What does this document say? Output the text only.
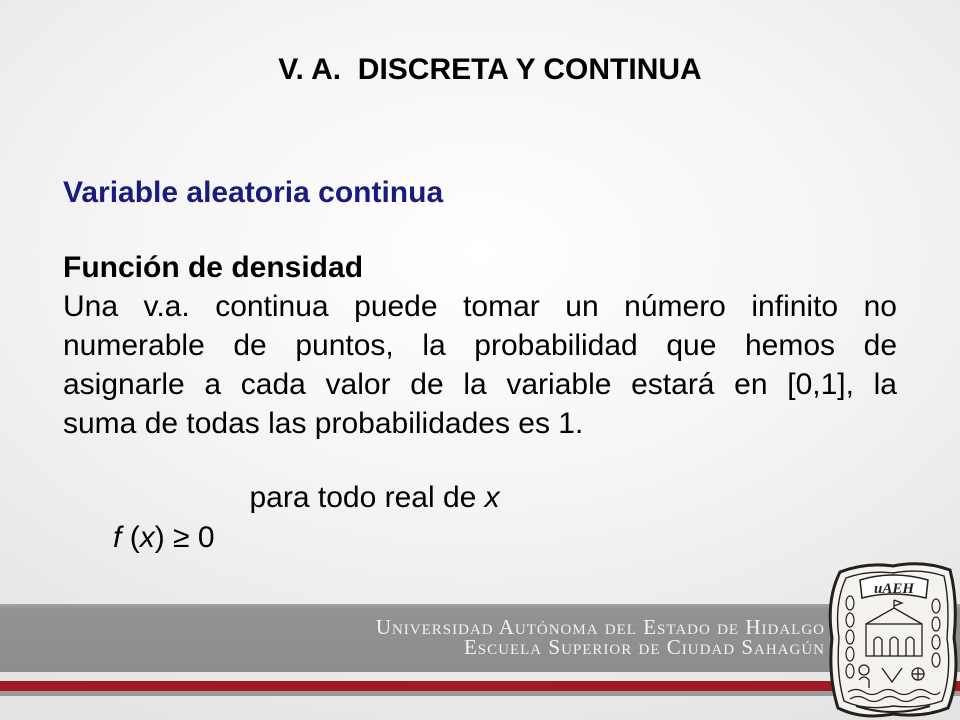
V. A.  DISCRETA Y CONTINUA
Variable aleatoria continua
Función de densidad
Una v.a. continua puede tomar un número infinito no
numerable de puntos, la probabilidad que hemos de
asignarle a cada valor de la variable estará en [0,1], la
suma de todas las probabilidades es 1.

f (x) ≥ 0

para todo real de x
Universidad Autónoma del Estado de Hidalgo
Escuela Superior de Ciudad Sahagún
uAEH
